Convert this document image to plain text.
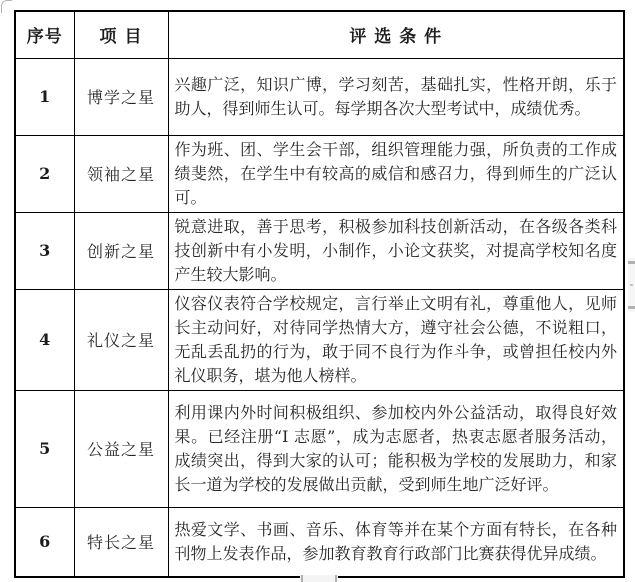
序号	项 目	评 选 条 件
1	博学之星	兴趣广泛，知识广博，学习刻苦，基础扎实，性格开朗，乐于助人，得到师生认可。每学期各次大型考试中，成绩优秀。
2	领袖之星	作为班、团、学生会干部，组织管理能力强，所负责的工作成绩斐然，在学生中有较高的威信和感召力，得到师生的广泛认可。
3	创新之星	锐意进取，善于思考，积极参加科技创新活动，在各级各类科技创新中有小发明，小制作，小论文获奖，对提高学校知名度产生较大影响。
4	礼仪之星	仪容仪表符合学校规定，言行举止文明有礼，尊重他人，见师长主动问好，对待同学热情大方，遵守社会公德，不说粗口，无乱丢乱扔的行为，敢于同不良行为作斗争，或曾担任校内外礼仪职务，堪为他人榜样。
5	公益之星	利用课内外时间积极组织、参加校内外公益活动，取得良好效果。已经注册“I 志愿”，成为志愿者，热衷志愿者服务活动，成绩突出，得到大家的认可；能积极为学校的发展助力，和家长一道为学校的发展做出贡献，受到师生地广泛好评。
6	特长之星	热爱文学、书画、音乐、体育等并在某个方面有特长，在各种刊物上发表作品，参加教育教育行政部门比赛获得优异成绩。
